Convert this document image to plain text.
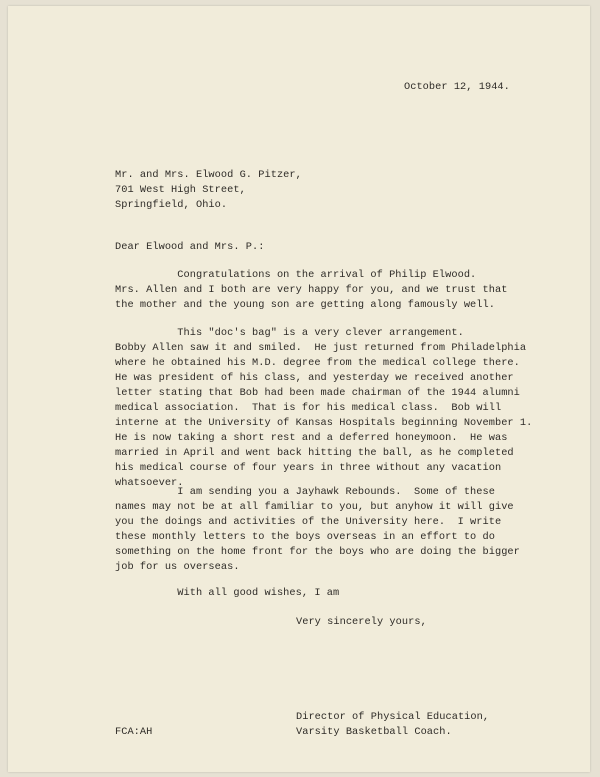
October 12, 1944.
Mr. and Mrs. Elwood G. Pitzer,
701 West High Street,
Springfield, Ohio.
Dear Elwood and Mrs. P.:
Congratulations on the arrival of Philip Elwood.
Mrs. Allen and I both are very happy for you, and we trust that
the mother and the young son are getting along famously well.
This "doc's bag" is a very clever arrangement.
Bobby Allen saw it and smiled.  He just returned from Philadelphia
where he obtained his M.D. degree from the medical college there.
He was president of his class, and yesterday we received another
letter stating that Bob had been made chairman of the 1944 alumni
medical association.  That is for his medical class.  Bob will
interne at the University of Kansas Hospitals beginning November 1.
He is now taking a short rest and a deferred honeymoon.  He was
married in April and went back hitting the ball, as he completed
his medical course of four years in three without any vacation
whatsoever.
I am sending you a Jayhawk Rebounds.  Some of these
names may not be at all familiar to you, but anyhow it will give
you the doings and activities of the University here.  I write
these monthly letters to the boys overseas in an effort to do
something on the home front for the boys who are doing the bigger
job for us overseas.
With all good wishes, I am
Very sincerely yours,
Director of Physical Education,
Varsity Basketball Coach.
FCA:AH
